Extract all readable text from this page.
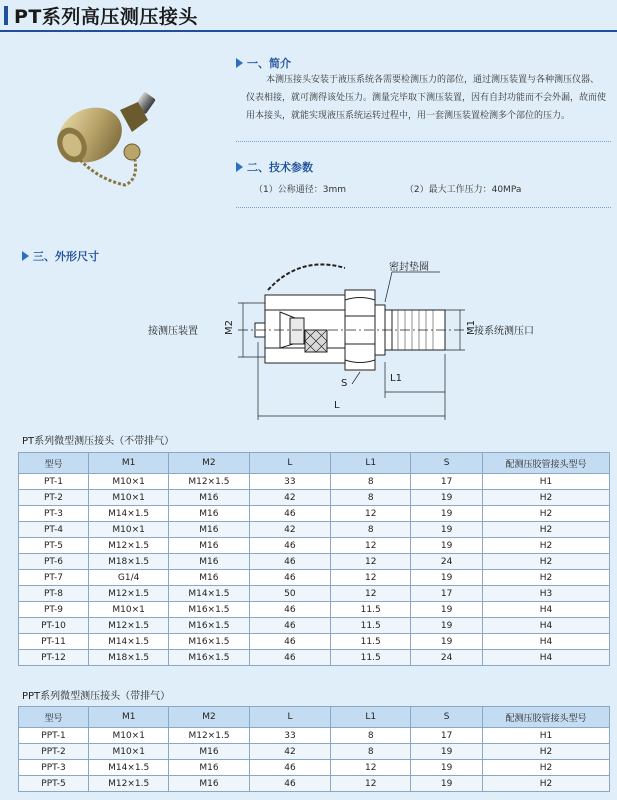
PT系列高压测压接头
一、简介
本测压接头安装于液压系统各需要检测压力的部位，通过测压装置与各种测压仪器、仪表相接，就可测得该处压力。测量完毕取下测压装置，因有自封功能而不会外漏，故而使用本接头，就能实现液压系统运转过程中，用一套测压装置检测多个部位的压力。
二、技术参数
（1）公称通径：3mm	（2）最大工作压力：40MPa
三、外形尺寸
密封垫圈
接测压装置	接系统测压口
M2	M1
S	L1
L
PT系列微型测压接头（不带排气）
型号	M1	M2	L	L1	S	配测压胶管接头型号
PT-1	M10×1	M12×1.5	33	8	17	H1
PT-2	M10×1	M16	42	8	19	H2
PT-3	M14×1.5	M16	46	12	19	H2
PT-4	M10×1	M16	42	8	19	H2
PT-5	M12×1.5	M16	46	12	19	H2
PT-6	M18×1.5	M16	46	12	24	H2
PT-7	G1/4	M16	46	12	19	H2
PT-8	M12×1.5	M14×1.5	50	12	17	H3
PT-9	M10×1	M16×1.5	46	11.5	19	H4
PT-10	M12×1.5	M16×1.5	46	11.5	19	H4
PT-11	M14×1.5	M16×1.5	46	11.5	19	H4
PT-12	M18×1.5	M16×1.5	46	11.5	24	H4
PPT系列微型测压接头（带排气）
型号	M1	M2	L	L1	S	配测压胶管接头型号
PPT-1	M10×1	M12×1.5	33	8	17	H1
PPT-2	M10×1	M16	42	8	19	H2
PPT-3	M14×1.5	M16	46	12	19	H2
PPT-5	M12×1.5	M16	46	12	19	H2
